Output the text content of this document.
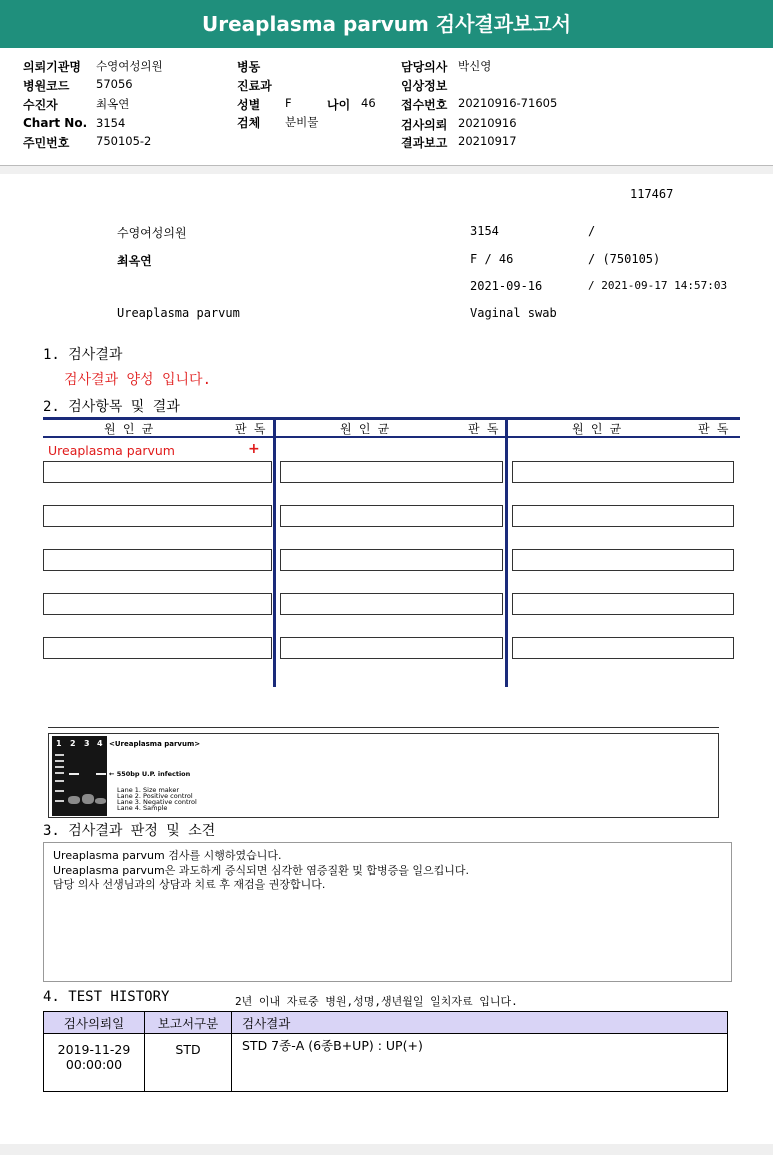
Ureaplasma parvum 검사결과보고서
의뢰기관명 수영여성의원
병원코드 57056
수진자	최옥연
Chart No. 3154
주민번호 750105-2
병동
진료과
성별 F	나이 46
검체 분비물
담당의사 박신영
임상정보
접수번호 20210916-71605
검사의뢰 20210916
결과보고 20210917
117467
수영여성의원	3154	/
최옥연	F / 46	/ (750105)
2021-09-16	/ 2021-09-17 14:57:03
Ureaplasma parvum	Vaginal swab
1. 검사결과
검사결과 양성 입니다.
2. 검사항목 및 결과
원 인 균	판 독	원 인 균	판 독	원 인 균	판 독
Ureaplasma parvum	+
1 2 3 4 <Ureaplasma parvum>
← 550bp U.P. infection
Lane 1. Size maker
Lane 2. Positive control
Lane 3. Negative control
Lane 4. Sample
3. 검사결과 판정 및 소견
Ureaplasma parvum 검사를 시행하였습니다.
Ureaplasma parvum은 과도하게 증식되면 심각한 염증질환 및 합병증을 일으킵니다.
담당 의사 선생님과의 상담과 치료 후 재검을 권장합니다.
4. TEST HISTORY	2년 이내 자료중 병원,성명,생년월일 일치자료 입니다.
검사의뢰일	보고서구분	검사결과

2019-11-29
00:00:00	STD	STD 7종-A (6종B+UP) : UP(+)
